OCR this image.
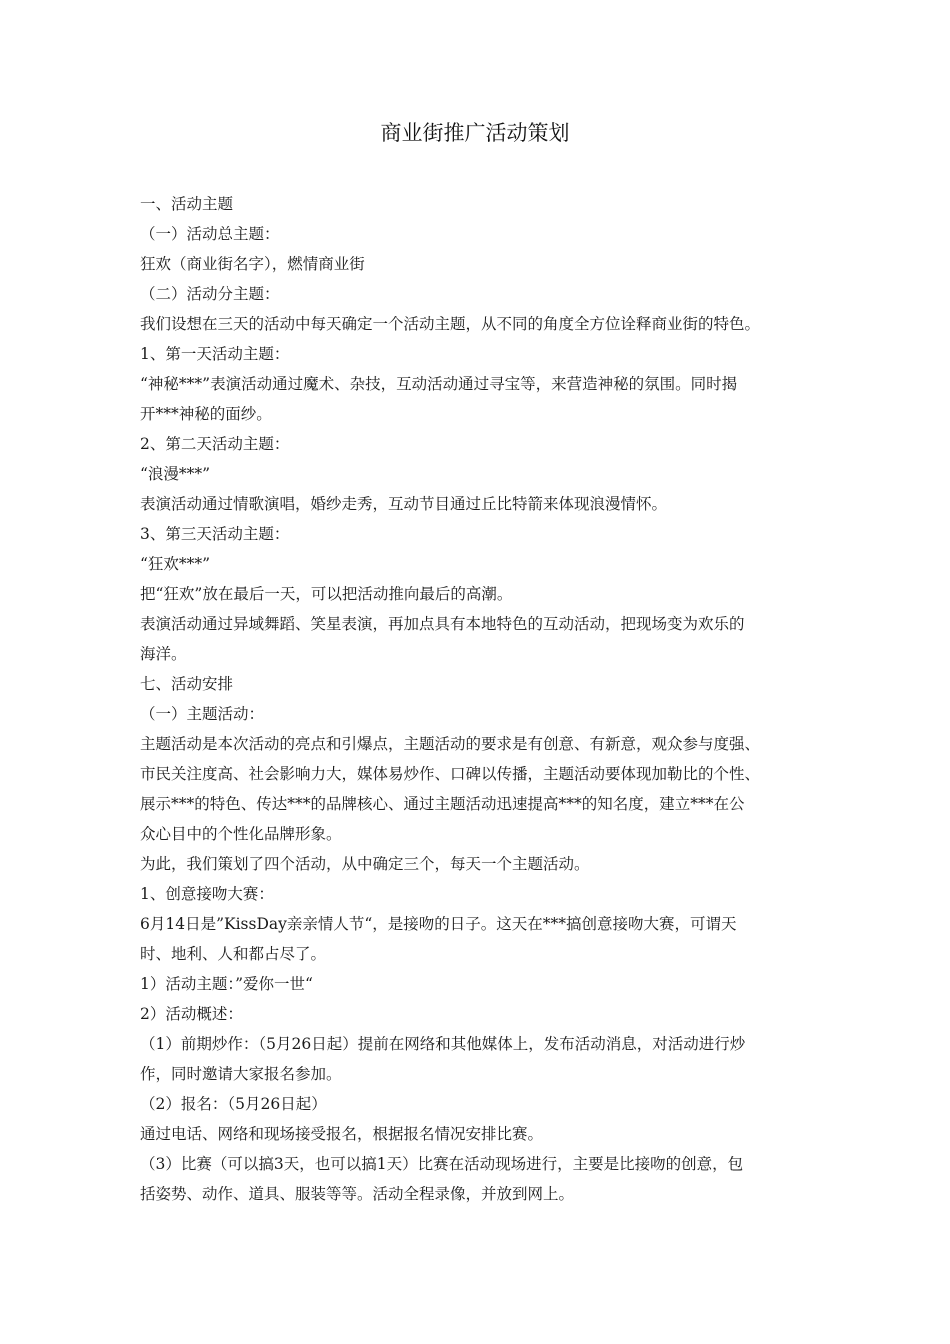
商业街推广活动策划
一、活动主题
（一）活动总主题：
狂欢（商业街名字），燃情商业街
（二）活动分主题：
我们设想在三天的活动中每天确定一个活动主题，从不同的角度全方位诠释商业街的特色。
1、第一天活动主题：
“神秘***”表演活动通过魔术、杂技，互动活动通过寻宝等，来营造神秘的氛围。同时揭
开***神秘的面纱。
2、第二天活动主题：
“浪漫***”
表演活动通过情歌演唱，婚纱走秀，互动节目通过丘比特箭来体现浪漫情怀。
3、第三天活动主题：
“狂欢***”
把“狂欢”放在最后一天，可以把活动推向最后的高潮。
表演活动通过异域舞蹈、笑星表演，再加点具有本地特色的互动活动，把现场变为欢乐的
海洋。
七、活动安排
（一）主题活动：
主题活动是本次活动的亮点和引爆点，主题活动的要求是有创意、有新意，观众参与度强、
市民关注度高、社会影响力大，媒体易炒作、口碑以传播，主题活动要体现加勒比的个性、
展示***的特色、传达***的品牌核心、通过主题活动迅速提高***的知名度，建立***在公
众心目中的个性化品牌形象。
为此，我们策划了四个活动，从中确定三个，每天一个主题活动。
1、创意接吻大赛：
6月14日是”KissDay亲亲情人节“，是接吻的日子。这天在***搞创意接吻大赛，可谓天
时、地利、人和都占尽了。
1）活动主题：”爱你一世“
2）活动概述：
（1）前期炒作：（5月26日起）提前在网络和其他媒体上，发布活动消息，对活动进行炒
作，同时邀请大家报名参加。
（2）报名：（5月26日起）
通过电话、网络和现场接受报名，根据报名情况安排比赛。
（3）比赛（可以搞3天，也可以搞1天）比赛在活动现场进行，主要是比接吻的创意，包
括姿势、动作、道具、服装等等。活动全程录像，并放到网上。
